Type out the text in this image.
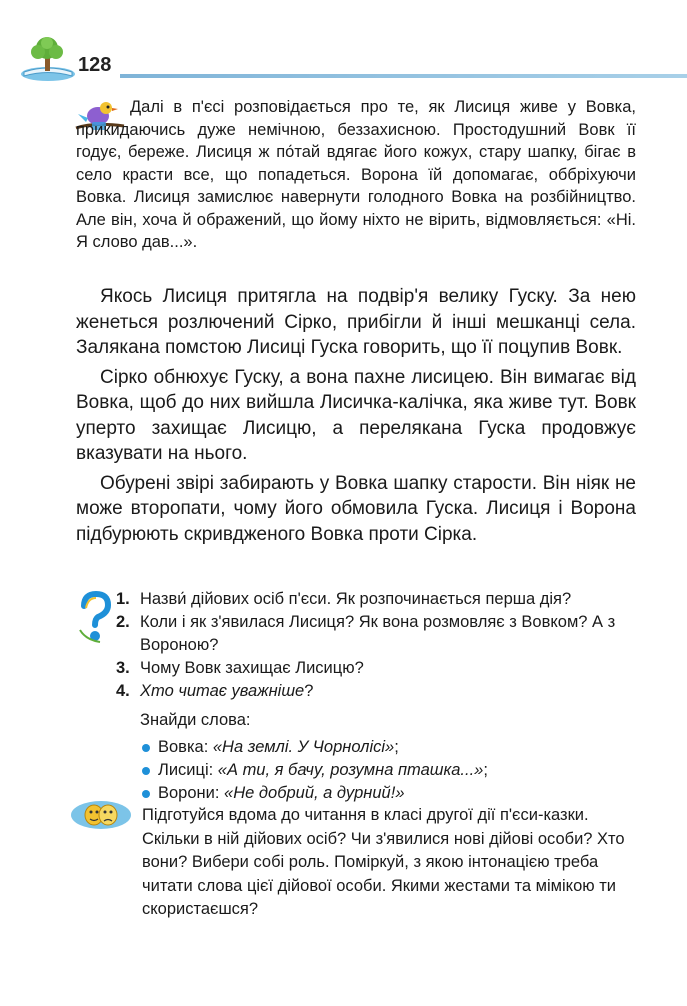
128

Далі в п'єсі розповідається про те, як Лисиця живе у Вовка, прикидаючись дуже немічною, беззахисною. Простодушний Вовк її годує, береже. Лисиця ж по́тай вдягає його кожух, стару шапку, бігає в село красти все, що попадеться. Ворона їй допомагає, оббріхуючи Вовка. Лисиця замислює навернути голодного Вовка на розбійництво. Але він, хоча й ображений, що йому ніхто не вірить, відмовляється: «Ні. Я слово дав...».

Якось Лисиця притягла на подвір'я велику Гуску. За нею женеться розлючений Сірко, прибігли й інші мешканці села. Залякана помстою Лисиці Гуска говорить, що її поцупив Вовк.

Сірко обнюхує Гуску, а вона пахне лисицею. Він вимагає від Вовка, щоб до них вийшла Лисичка-калічка, яка живе тут. Вовк уперто захищає Лисицю, а перелякана Гуска продовжує вказувати на нього.

Обурені звірі забирають у Вовка шапку старости. Він ніяк не може второпати, чому його обмовила Гуска. Лисиця і Ворона підбурюють скривдженого Вовка проти Сірка.

1. Назви́ дійових осіб п'єси. Як розпочинається перша дія?
2. Коли і як з'явилася Лисиця? Як вона розмовляє з Вовком? А з Вороною?
3. Чому Вовк захищає Лисицю?
4. Хто читає уважніше?
Знайди слова:
Вовка: «На землі. У Чорнолісі»;
Лисиці: «А ти, я бачу, розумна пташка...»;
Ворони: «Не добрий, а дурний!»
Підготуйся вдома до читання в класі другої дії п'єси-казки. Скільки в ній дійових осіб? Чи з'явилися нові дійові особи? Хто вони? Вибери собі роль. Поміркуй, з якою інтонацією треба читати слова цієї дійової особи. Якими жестами та мімікою ти скористаєшся?
